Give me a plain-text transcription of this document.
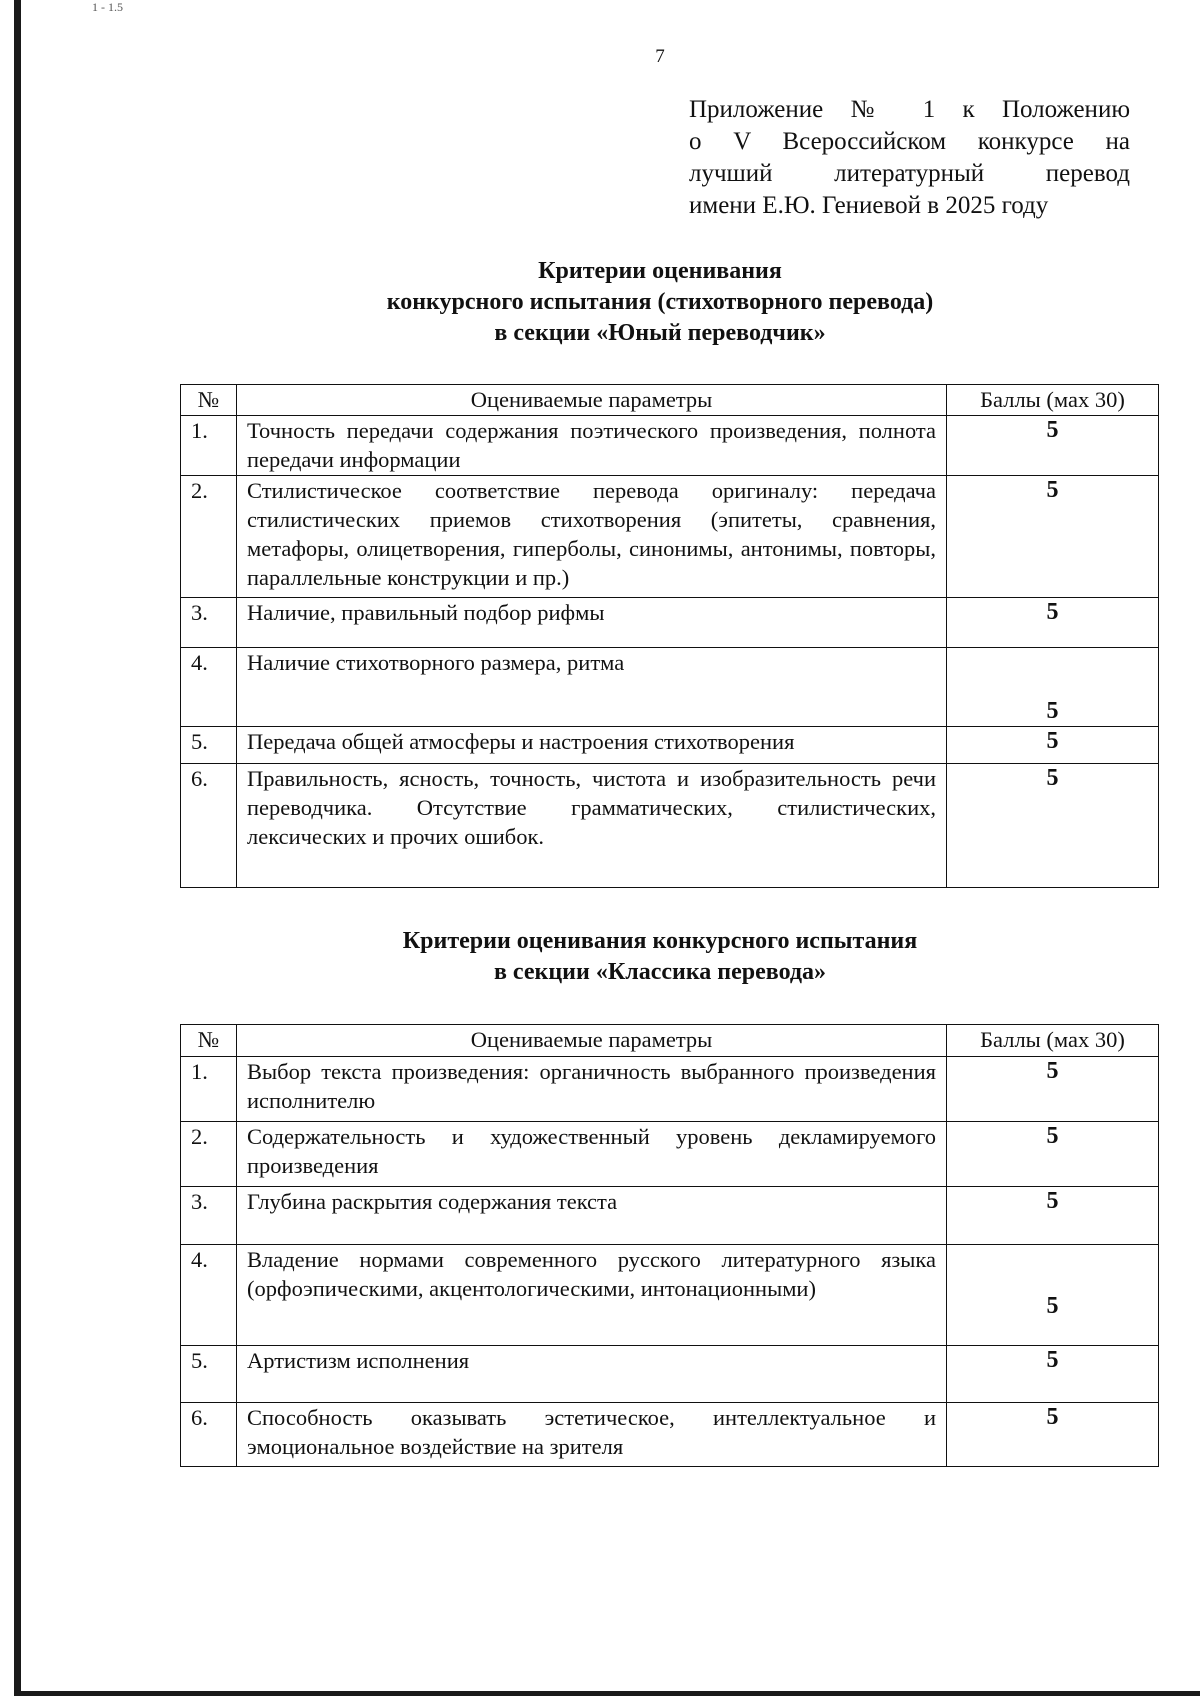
1 - 1.5
7
Приложение № 1 к Положению
о V Всероссийском конкурсе на
лучший литературный перевод
имени Е.Ю. Гениевой в 2025 году
Критерии оценивания
конкурсного испытания (стихотворного перевода)
в секции «Юный переводчик»
№	Оцениваемые параметры	Баллы (мах 30)
1.	Точность передачи содержания поэтического произведения, полнота передачи информации	5
2.	Стилистическое соответствие перевода оригиналу: передача стилистических приемов стихотворения (эпитеты, сравнения, метафоры, олицетворения, гиперболы, синонимы, антонимы, повторы, параллельные конструкции и пр.)	5
3.	Наличие, правильный подбор рифмы	5
4.	Наличие стихотворного размера, ритма	5
5.	Передача общей атмосферы и настроения стихотворения	5
6.	Правильность, ясность, точность, чистота и изобразительность речи переводчика. Отсутствие грамматических, стилистических, лексических и прочих ошибок.	5
Критерии оценивания конкурсного испытания
в секции «Классика перевода»
№	Оцениваемые параметры	Баллы (мах 30)
1.	Выбор текста произведения: органичность выбранного произведения исполнителю	5
2.	Содержательность и художественный уровень декламируемого произведения	5
3.	Глубина раскрытия содержания текста	5
4.	Владение нормами современного русского литературного языка (орфоэпическими, акцентологическими, интонационными)	5
5.	Артистизм исполнения	5
6.	Способность оказывать эстетическое, интеллектуальное и эмоциональное воздействие на зрителя	5
